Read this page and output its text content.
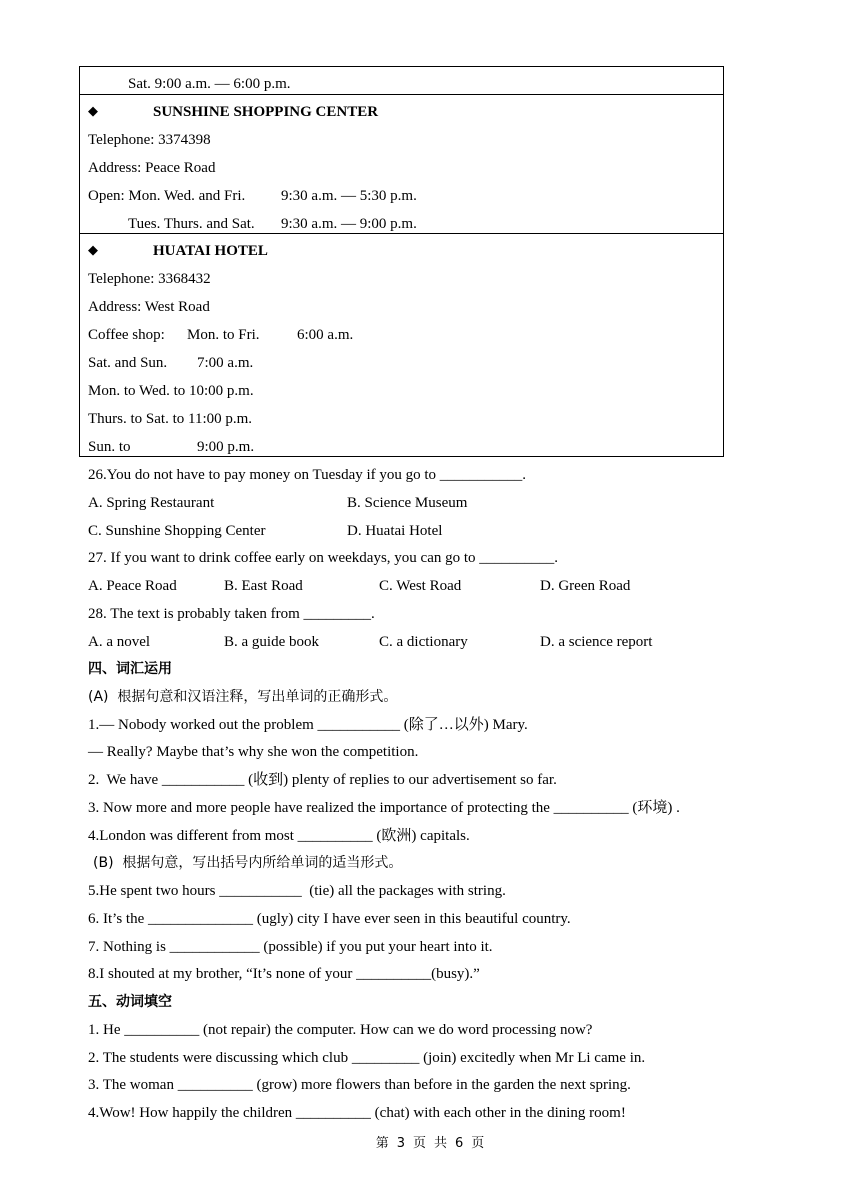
Sat. 9:00 a.m. — 6:00 p.m.
◆	SUNSHINE SHOPPING CENTER
Telephone: 3374398
Address: Peace Road
Open: Mon. Wed. and Fri. 9:30 a.m. — 5:30 p.m.
Tues. Thurs. and Sat. 9:30 a.m. — 9:00 p.m.
◆	HUATAI HOTEL
Telephone: 3368432
Address: West Road
Coffee shop: Mon. to Fri. 6:00 a.m.
Sat. and Sun. 7:00 a.m.
Mon. to Wed. to 10:00 p.m.
Thurs. to Sat. to 11:00 p.m.
Sun. to	9:00 p.m.
26.You do not have to pay money on Tuesday if you go to ___________.
A. Spring Restaurant	B. Science Museum
C. Sunshine Shopping Center	D. Huatai Hotel
27. If you want to drink coffee early on weekdays, you can go to __________.
A. Peace Road	B. East Road	C. West Road	D. Green Road
28. The text is probably taken from _________.
A. a novel	B. a guide book	C. a dictionary	D. a science report
四、词汇运用
(A)  根据句意和汉语注释，写出单词的正确形式。
1.— Nobody worked out the problem ___________ (除了…以外) Mary.
— Really? Maybe that’s why she won the competition.
2.  We have ___________ (收到) plenty of replies to our advertisement so far.
3. Now more and more people have realized the importance of protecting the __________ (环境) .
4.London was different from most __________ (欧洲) capitals.
(B)  根据句意，写出括号内所给单词的适当形式。
5.He spent two hours ___________  (tie) all the packages with string.
6. It’s the ______________ (ugly) city I have ever seen in this beautiful country.
7. Nothing is ____________ (possible) if you put your heart into it.
8.I shouted at my brother, “It’s none of your __________(busy).”
五、动词填空
1. He __________ (not repair) the computer. How can we do word processing now?
2. The students were discussing which club _________ (join) excitedly when Mr Li came in.
3. The woman __________ (grow) more flowers than before in the garden the next spring.
4.Wow! How happily the children __________ (chat) with each other in the dining room!
第 3 页 共 6 页
